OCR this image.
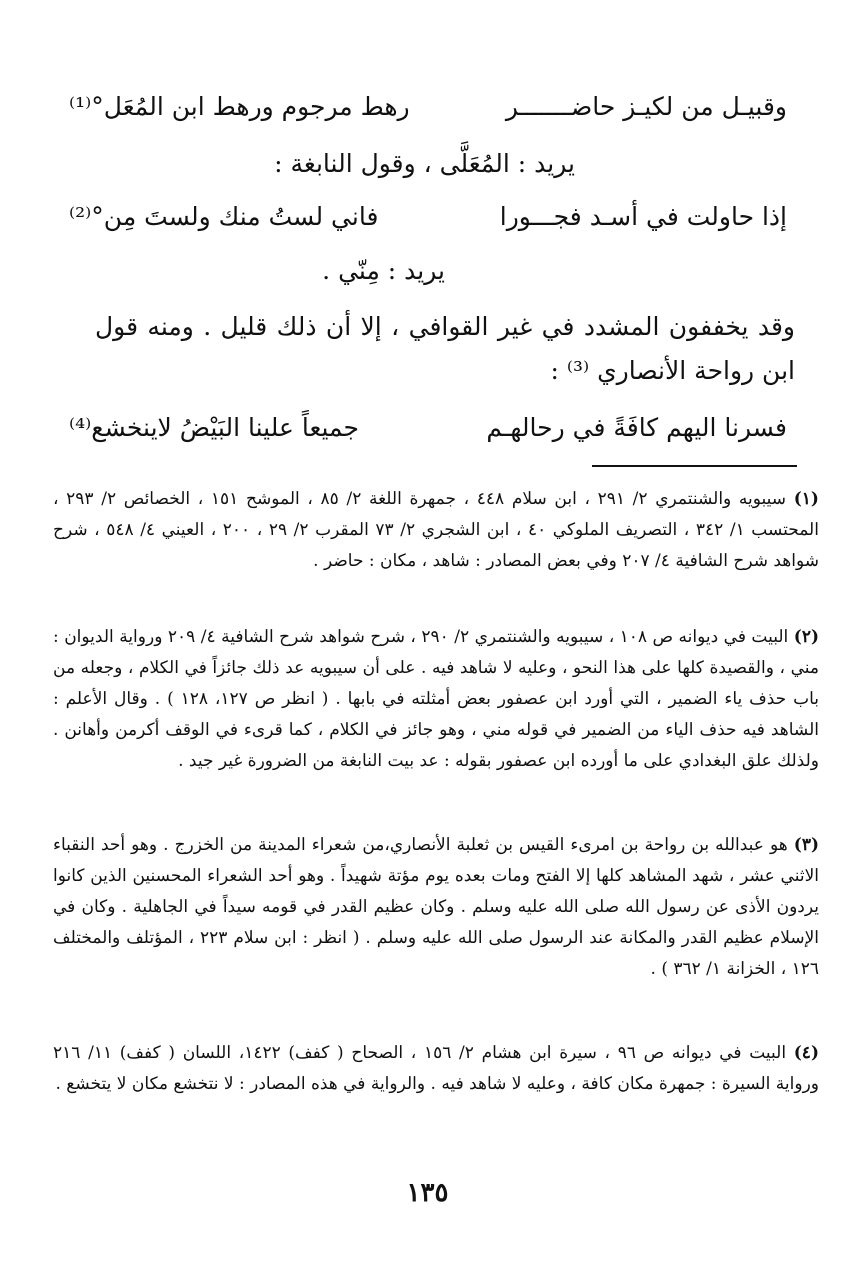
وقبيـل من لكيـز حاضـــــــر
رهط مرجوم ورهط ابن المُعَل°⁽¹⁾
يريد : المُعَلَّى ، وقول النابغة :
إذا حاولت في أسـد فجـــورا
فاني لستُ منك ولستَ مِن°⁽²⁾
يريد : مِنّي .
وقد يخففون المشدد في غير القوافي ، إلا أن ذلك قليل . ومنه قول ابن رواحة الأنصاري ⁽³⁾ :
فسرنا اليهم كافَةً في رحالهـم
جميعاً علينا البَيْضُ لاينخشع⁽⁴⁾
(١) سيبويه والشنتمري ٢/ ٢٩١ ، ابن سلام ٤٤٨ ، جمهرة اللغة ٢/ ٨٥ ، الموشح ١٥١ ، الخصائص ٢/ ٢٩٣ ، المحتسب ١/ ٣٤٢ ، التصريف الملوكي ٤٠ ، ابن الشجري ٢/ ٧٣ المقرب ٢/ ٢٩ ، ٢٠٠ ، العيني ٤/ ٥٤٨ ، شرح شواهد شرح الشافية ٤/ ٢٠٧ وفي بعض المصادر : شاهد ، مكان : حاضر .
(٢) البيت في ديوانه ص ١٠٨ ، سيبويه والشنتمري ٢/ ٢٩٠ ، شرح شواهد شرح الشافية ٤/ ٢٠٩ ورواية الديوان : مني ، والقصيدة كلها على هذا النحو ، وعليه لا شاهد فيه . على أن سيبويه عد ذلك جائزاً في الكلام ، وجعله من باب حذف ياء الضمير ، التي أورد ابن عصفور بعض أمثلته في بابها . ( انظر ص ١٢٧، ١٢٨ ) . وقال الأعلم : الشاهد فيه حذف الياء من الضمير في قوله مني ، وهو جائز في الكلام ، كما قرىء في الوقف أكرمن وأهانن . ولذلك علق البغدادي على ما أورده ابن عصفور بقوله : عد بيت النابغة من الضرورة غير جيد .
(٣) هو عبدالله بن رواحة بن امرىء القيس بن ثعلبة الأنصاري،من شعراء المدينة من الخزرج . وهو أحد النقباء الاثني عشر ، شهد المشاهد كلها إلا الفتح ومات بعده يوم مؤتة شهيداً . وهو أحد الشعراء المحسنين الذين كانوا يردون الأذى عن رسول الله صلى الله عليه وسلم . وكان عظيم القدر في قومه سيداً في الجاهلية . وكان في الإسلام عظيم القدر والمكانة عند الرسول صلى الله عليه وسلم . ( انظر : ابن سلام ٢٢٣ ، المؤتلف والمختلف ١٢٦ ، الخزانة ١/ ٣٦٢ ) .
(٤) البيت في ديوانه ص ٩٦ ، سيرة ابن هشام ٢/ ١٥٦ ، الصحاح ( كفف) ١٤٢٢، اللسان ( كفف) ١١/ ٢١٦ ورواية السيرة : جمهرة مكان كافة ، وعليه لا شاهد فيه . والرواية في هذه المصادر : لا نتخشع مكان لا يتخشع .
١٣٥
